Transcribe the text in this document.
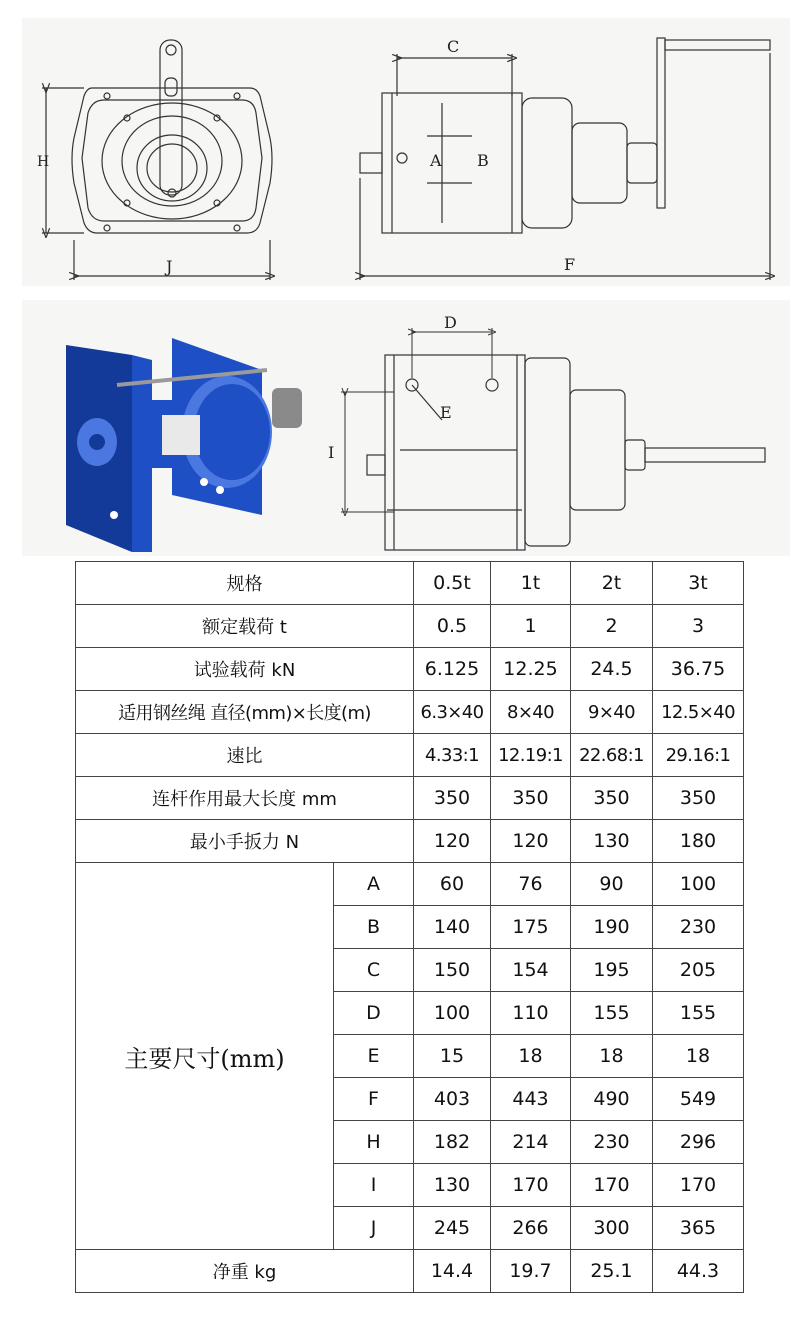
H
J
C
A B
F
D
E
I
规格		0.5t	1t	2t	3t
额定载荷 t		0.5	1	2	3
试验载荷 kN		6.125	12.25	24.5	36.75
适用钢丝绳 直径(mm)×长度(m)		6.3×40	8×40	9×40	12.5×40
速比		4.33:1	12.19:1	22.68:1	29.16:1
连杆作用最大长度 mm		350	350	350	350
最小手扳力 N		120	120	130	180
主要尺寸(mm)	A	60	76	90	100
	B	140	175	190	230
	C	150	154	195	205
	D	100	110	155	155
	E	15	18	18	18
	F	403	443	490	549
	H	182	214	230	296
	I	130	170	170	170
	J	245	266	300	365
净重 kg		14.4	19.7	25.1	44.3
